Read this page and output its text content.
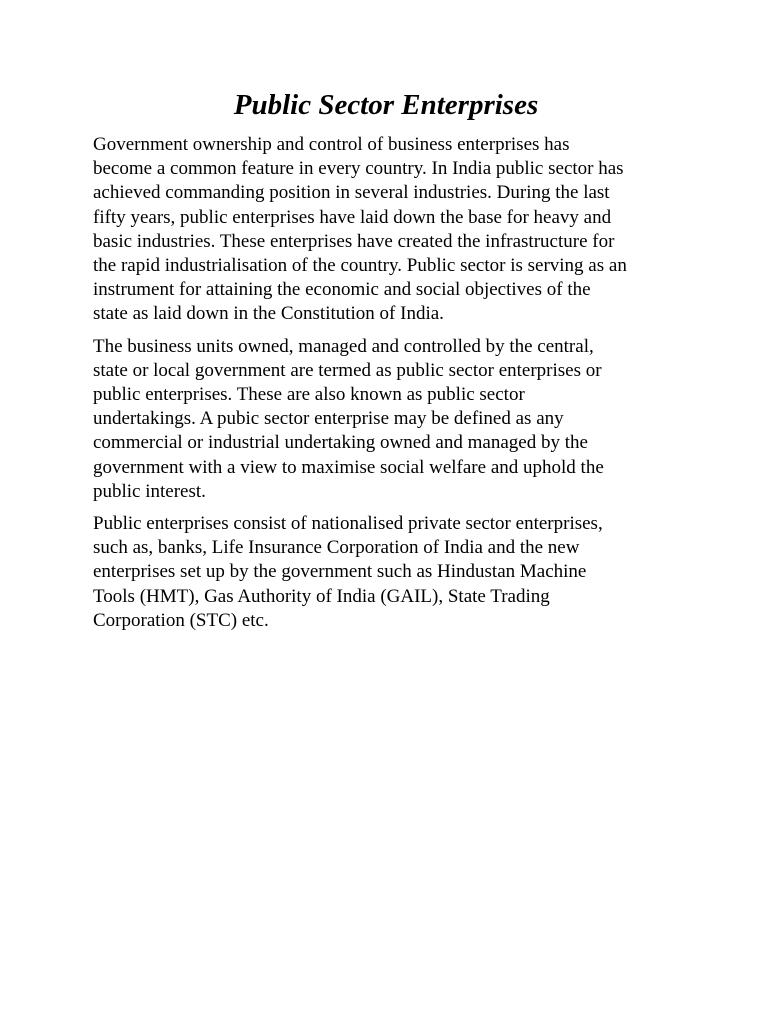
Public Sector Enterprises

Government ownership and control of business enterprises has
become a common feature in every country. In India public sector has
achieved commanding position in several industries. During the last
fifty years, public enterprises have laid down the base for heavy and
basic industries. These enterprises have created the infrastructure for
the rapid industrialisation of the country. Public sector is serving as an
instrument for attaining the economic and social objectives of the
state as laid down in the Constitution of India.

The business units owned, managed and controlled by the central,
state or local government are termed as public sector enterprises or
public enterprises. These are also known as public sector
undertakings. A pubic sector enterprise may be defined as any
commercial or industrial undertaking owned and managed by the
government with a view to maximise social welfare and uphold the
public interest.

Public enterprises consist of nationalised private sector enterprises,
such as, banks, Life Insurance Corporation of India and the new
enterprises set up by the government such as Hindustan Machine
Tools (HMT), Gas Authority of India (GAIL), State Trading
Corporation (STC) etc.
